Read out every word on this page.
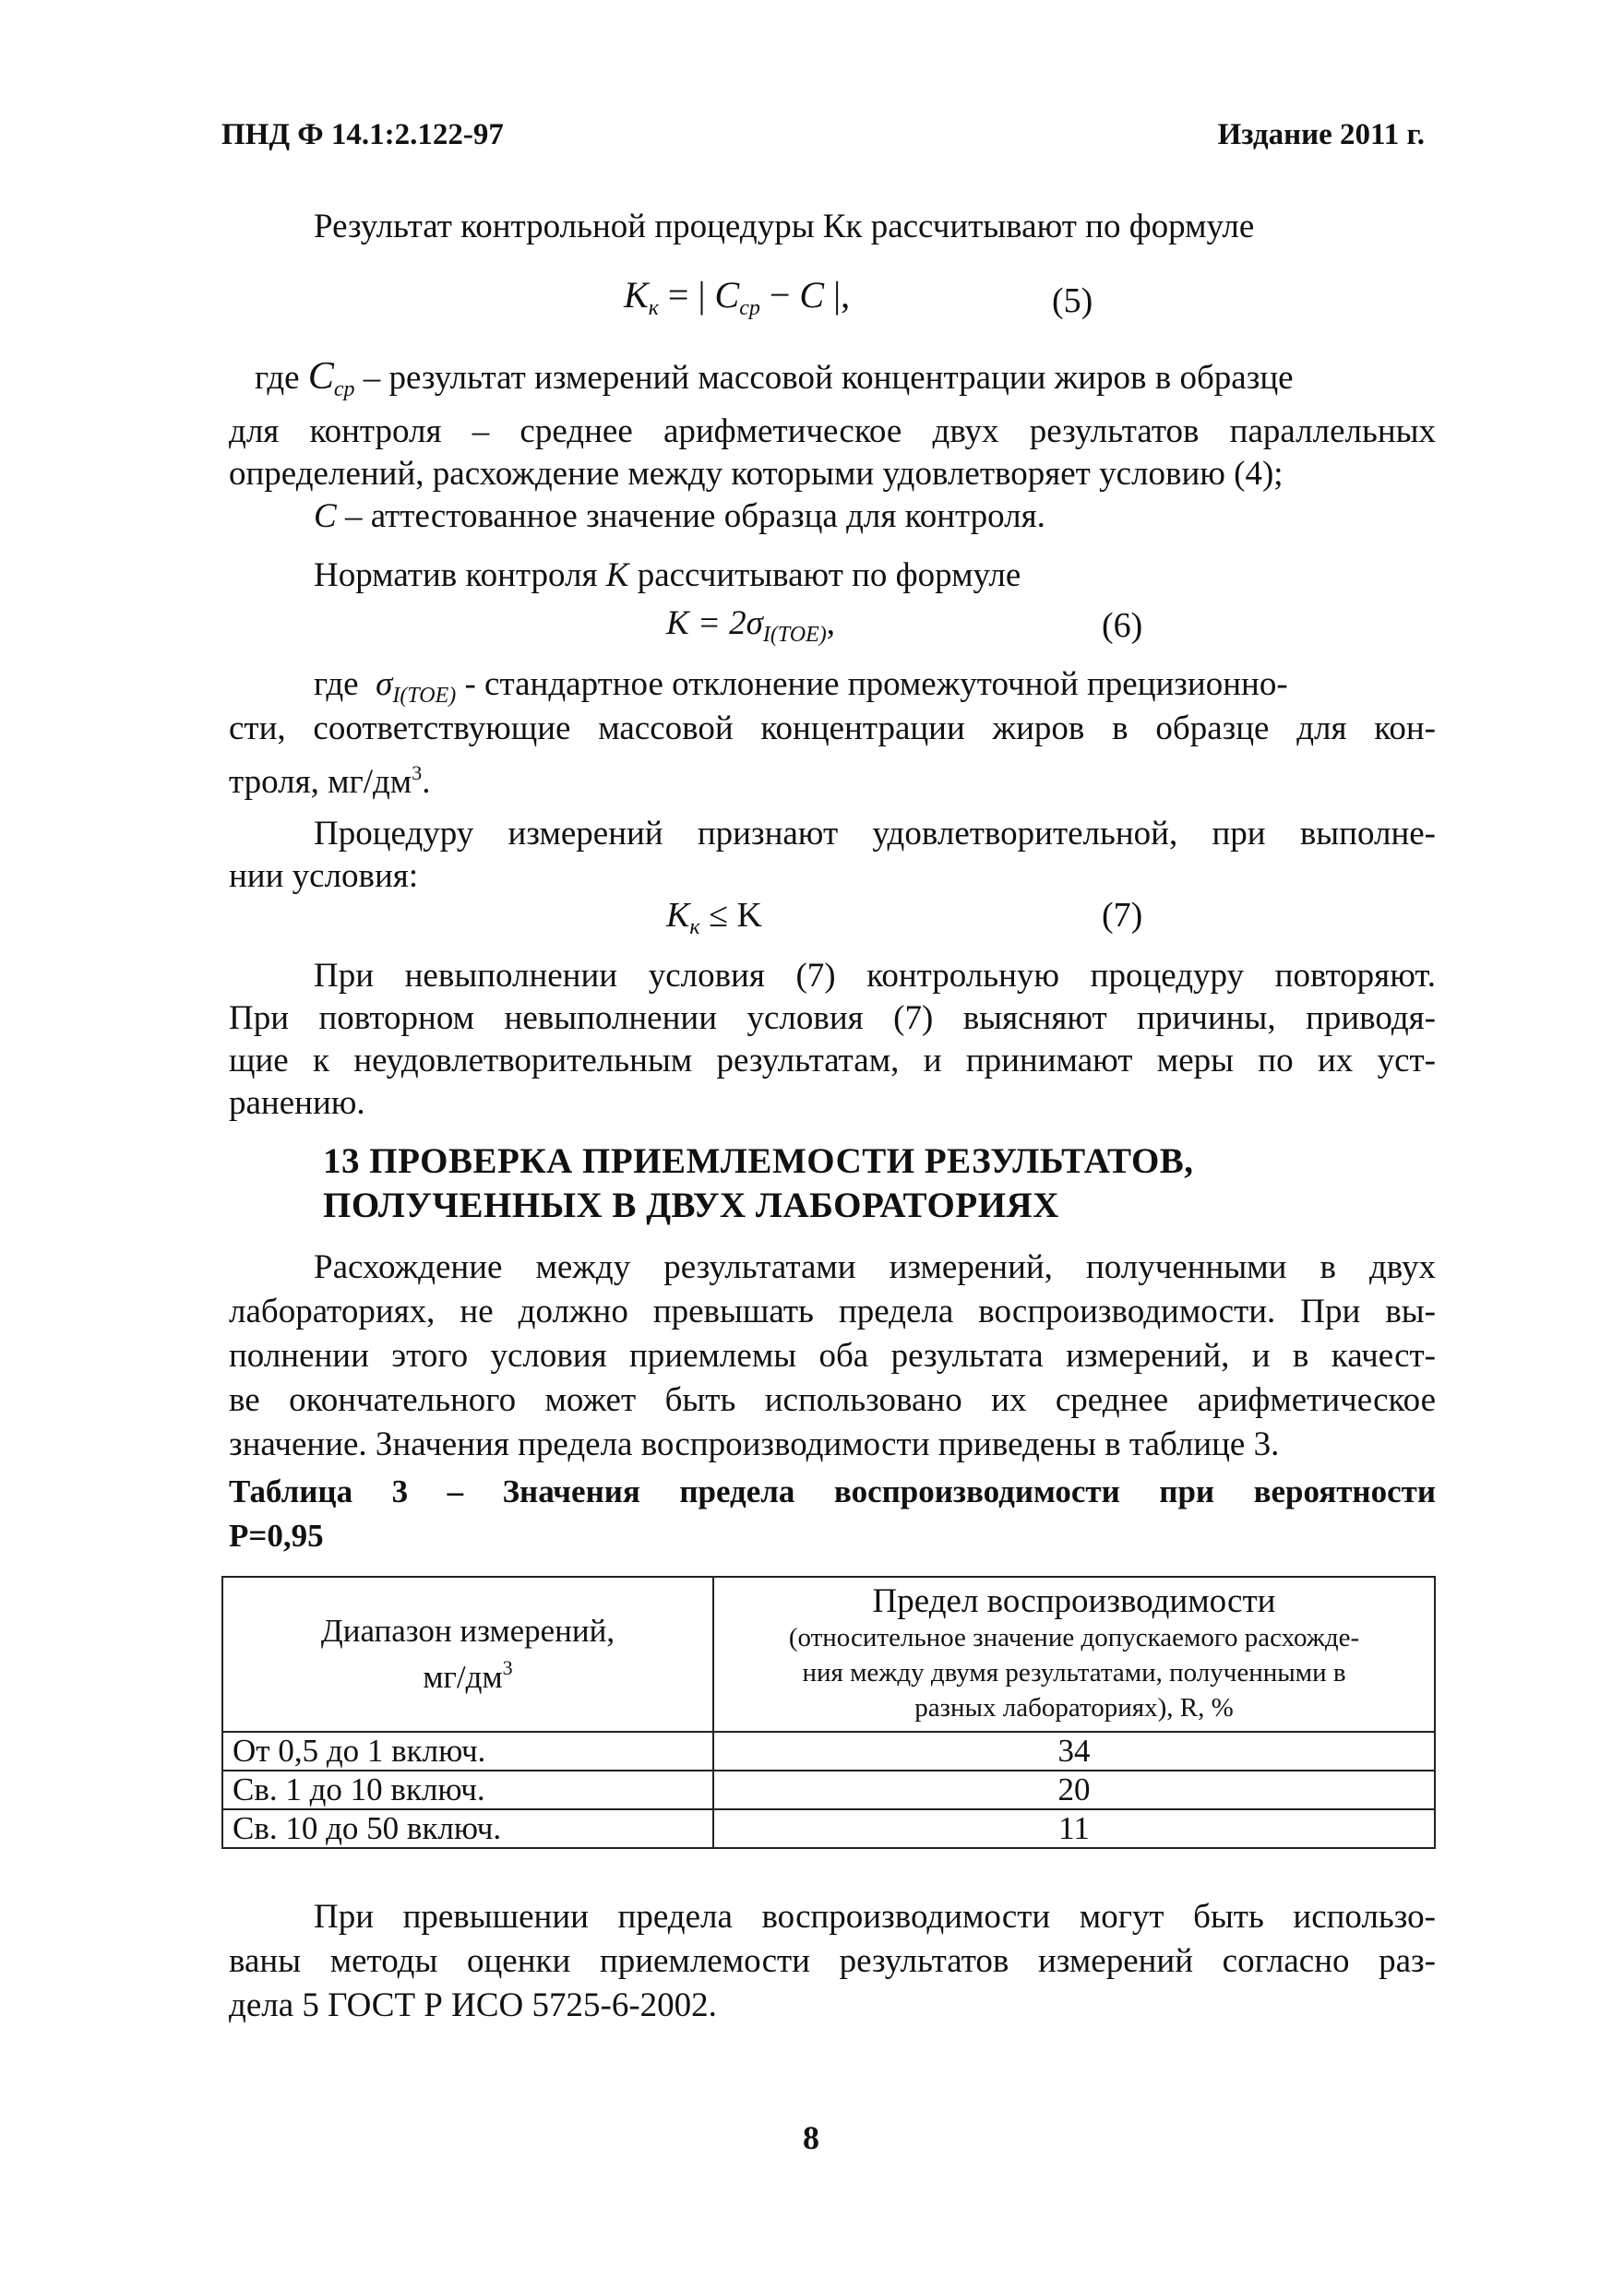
ПНД Ф 14.1:2.122-97	Издание 2011 г.
Результат контрольной процедуры Кк рассчитывают по формуле
$K_к$ = | $C_{ср} - C$ |,	(5)
где $C_{ср}$ – результат измерений массовой концентрации жиров в образце
для контроля – среднее арифметическое двух результатов параллельных
определений, расхождение между которыми удовлетворяет условию (4);
C – аттестованное значение образца для контроля.
Норматив контроля K рассчитывают по формуле
$K = 2\sigma_{I(TOE)}$,	(6)
где $\sigma_{I(TOE)}$ - стандартное отклонение промежуточной прецизионно-
сти, соответствующие массовой концентрации жиров в образце для кон-
троля, $мг/дм^3$.
Процедуру измерений признают удовлетворительной, при выполне-
нии условия:
$K_к \le K$	(7)
При невыполнении условия (7) контрольную процедуру повторяют.
При повторном невыполнении условия (7) выясняют причины, приводя-
щие к неудовлетворительным результатам, и принимают меры по их уст-
ранению.
13 ПРОВЕРКА ПРИЕМЛЕМОСТИ РЕЗУЛЬТАТОВ,
ПОЛУЧЕННЫХ В ДВУХ ЛАБОРАТОРИЯХ
Расхождение между результатами измерений, полученными в двух
лабораториях, не должно превышать предела воспроизводимости. При вы-
полнении этого условия приемлемы оба результата измерений, и в качест-
ве окончательного может быть использовано их среднее арифметическое
значение. Значения предела воспроизводимости приведены в таблице 3.
Таблица 3 – Значения предела воспроизводимости при вероятности
P=0,95
Диапазон измерений,
$мг/дм^3$	Предел воспроизводимости
(относительное значение допускаемого расхожде-
ния между двумя результатами, полученными в
разных лабораториях), R, %

От 0,5 до 1 включ.	34
Св. 1 до 10 включ.	20
Св. 10 до 50 включ.	11
При превышении предела воспроизводимости могут быть использо-
ваны методы оценки приемлемости результатов измерений согласно раз-
дела 5 ГОСТ Р ИСО 5725-6-2002.
8
